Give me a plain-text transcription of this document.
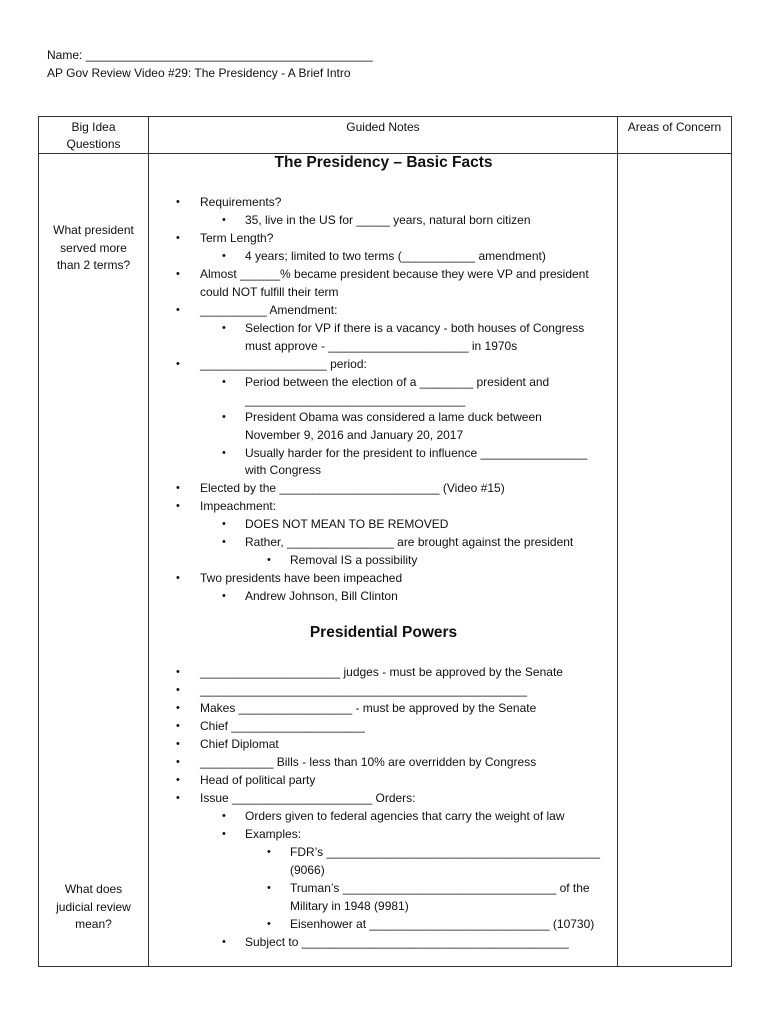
Name: ___________________________________________
AP Gov Review Video #29: The Presidency - A Brief Intro
Big Idea
Questions
Guided Notes	Areas of Concern
What president
served more
than 2 terms?
What does
judicial review
mean?
The Presidency – Basic Facts
Presidential Powers
• Requirements?
• 35, live in the US for _____ years, natural born citizen
• Term Length?
• 4 years; limited to two terms (___________ amendment)
• Almost ______% became president because they were VP and president
could NOT fulfill their term
• __________ Amendment:
• Selection for VP if there is a vacancy - both houses of Congress
must approve - _____________________ in 1970s
• ___________________ period:
• Period between the election of a ________ president and
_________________________________
• President Obama was considered a lame duck between
November 9, 2016 and January 20, 2017
• Usually harder for the president to influence ________________
with Congress
• Elected by the ________________________ (Video #15)
• Impeachment:
• DOES NOT MEAN TO BE REMOVED
• Rather, ________________ are brought against the president
• Removal IS a possibility
• Two presidents have been impeached
• Andrew Johnson, Bill Clinton
• _____________________ judges - must be approved by the Senate
• _________________________________________________
• Makes _________________ - must be approved by the Senate
• Chief ____________________
• Chief Diplomat
• ___________ Bills - less than 10% are overridden by Congress
• Head of political party
• Issue _____________________ Orders:
• Orders given to federal agencies that carry the weight of law
• Examples:
• FDR’s _________________________________________
(9066)
• Truman’s ________________________________ of the
Military in 1948 (9981)
• Eisenhower at ___________________________ (10730)
• Subject to ________________________________________
